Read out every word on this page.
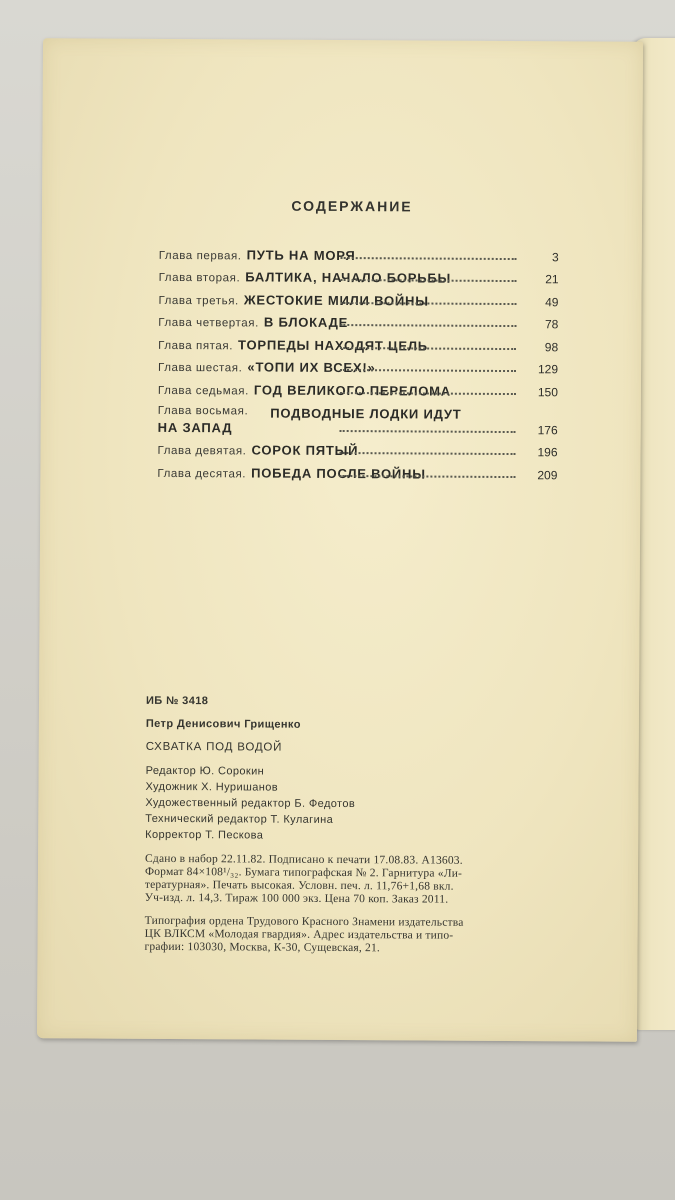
СОДЕРЖАНИЕ
Глава первая. ПУТЬ НА МОРЯ	3
Глава вторая. БАЛТИКА, НАЧАЛО БОРЬБЫ	21
Глава третья. ЖЕСТОКИЕ МИЛИ ВОЙНЫ	49
Глава четвертая. В БЛОКАДЕ	78
Глава пятая. ТОРПЕДЫ НАХОДЯТ ЦЕЛЬ	98
Глава шестая. «ТОПИ ИХ ВСЕХ!»	129
Глава седьмая. ГОД ВЕЛИКОГО ПЕРЕЛОМА	150
Глава восьмая. ПОДВОДНЫЕ ЛОДКИ ИДУТ
НА ЗАПАД	176
Глава девятая. СОРОК ПЯТЫЙ	196
Глава десятая. ПОБЕДА ПОСЛЕ ВОЙНЫ	209
ИБ № 3418
Петр Денисович Грищенко
СХВАТКА ПОД ВОДОЙ
Редактор Ю. Сорокин
Художник Х. Нуришанов
Художественный редактор Б. Федотов
Технический редактор Т. Кулагина
Корректор Т. Пескова
Сдано в набор 22.11.82. Подписано к печати 17.08.83. А13603.
Формат 84×108¹/₃₂. Бумага типографская № 2. Гарнитура «Ли-
тературная». Печать высокая. Условн. печ. л. 11,76+1,68 вкл.
Уч-изд. л. 14,3. Тираж 100 000 экз. Цена 70 коп. Заказ 2011.
Типография ордена Трудового Красного Знамени издательства
ЦК ВЛКСМ «Молодая гвардия». Адрес издательства и типо-
графии: 103030, Москва, К-30, Сущевская, 21.
